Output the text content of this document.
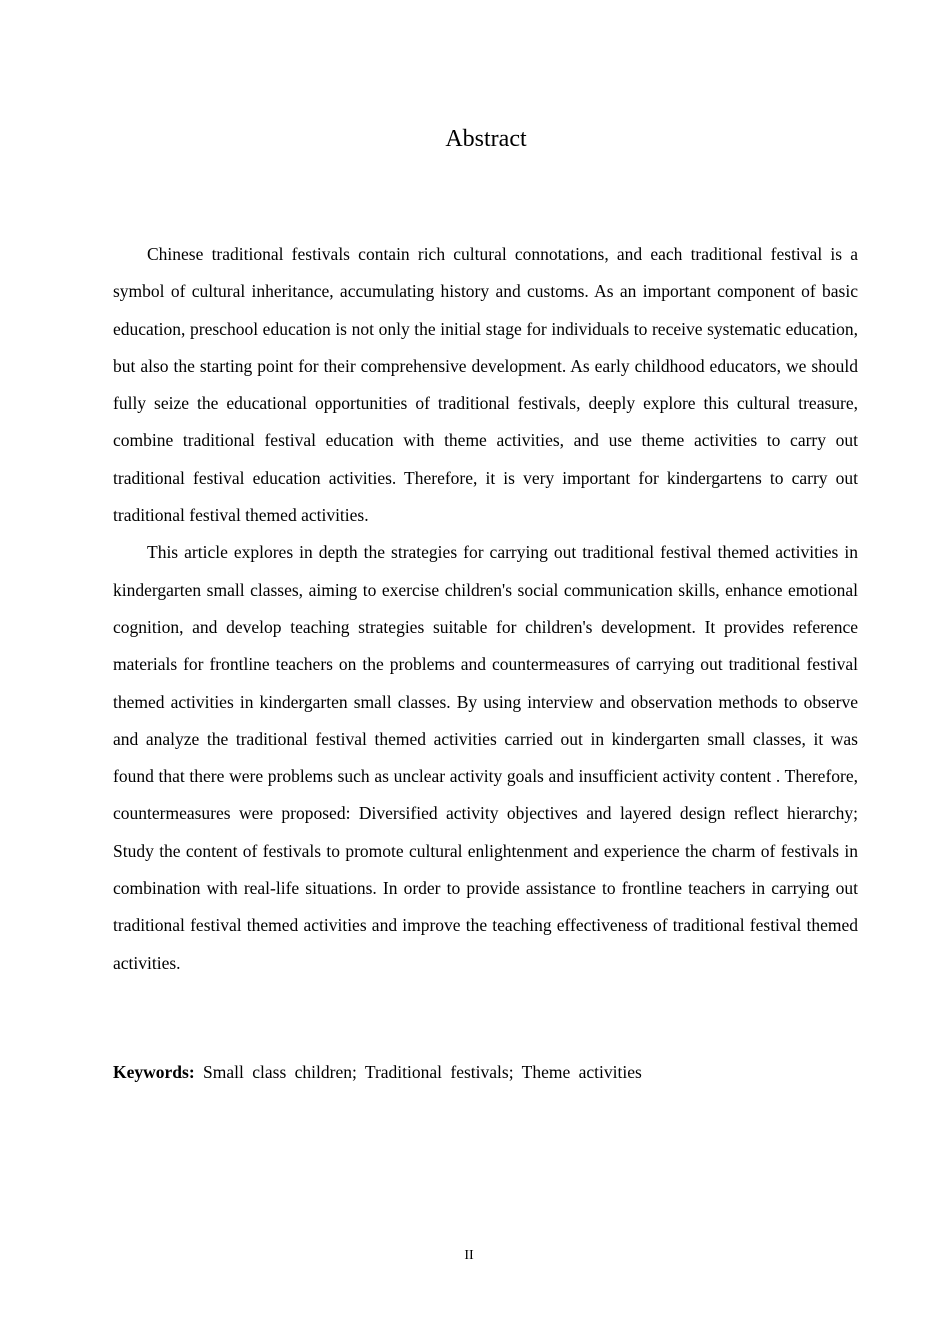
Abstract

Chinese traditional festivals contain rich cultural connotations, and each traditional festival is a symbol of cultural inheritance, accumulating history and customs. As an important component of basic education, preschool education is not only the initial stage for individuals to receive systematic education, but also the starting point for their comprehensive development. As early childhood educators, we should fully seize the educational opportunities of traditional festivals, deeply explore this cultural treasure, combine traditional festival education with theme activities, and use theme activities to carry out traditional festival education activities. Therefore, it is very important for kindergartens to carry out traditional festival themed activities.

This article explores in depth the strategies for carrying out traditional festival themed activities in kindergarten small classes, aiming to exercise children's social communication skills, enhance emotional cognition, and develop teaching strategies suitable for children's development. It provides reference materials for frontline teachers on the problems and countermeasures of carrying out traditional festival themed activities in kindergarten small classes. By using interview and observation methods to observe and analyze the traditional festival themed activities carried out in kindergarten small classes, it was found that there were problems such as unclear activity goals and insufficient activity content . Therefore, countermeasures were proposed: Diversified activity objectives and layered design reflect hierarchy; Study the content of festivals to promote cultural enlightenment and experience the charm of festivals in combination with real-life situations. In order to provide assistance to frontline teachers in carrying out traditional festival themed activities and improve the teaching effectiveness of traditional festival themed activities.

Keywords: Small class children; Traditional festivals; Theme activities

II
